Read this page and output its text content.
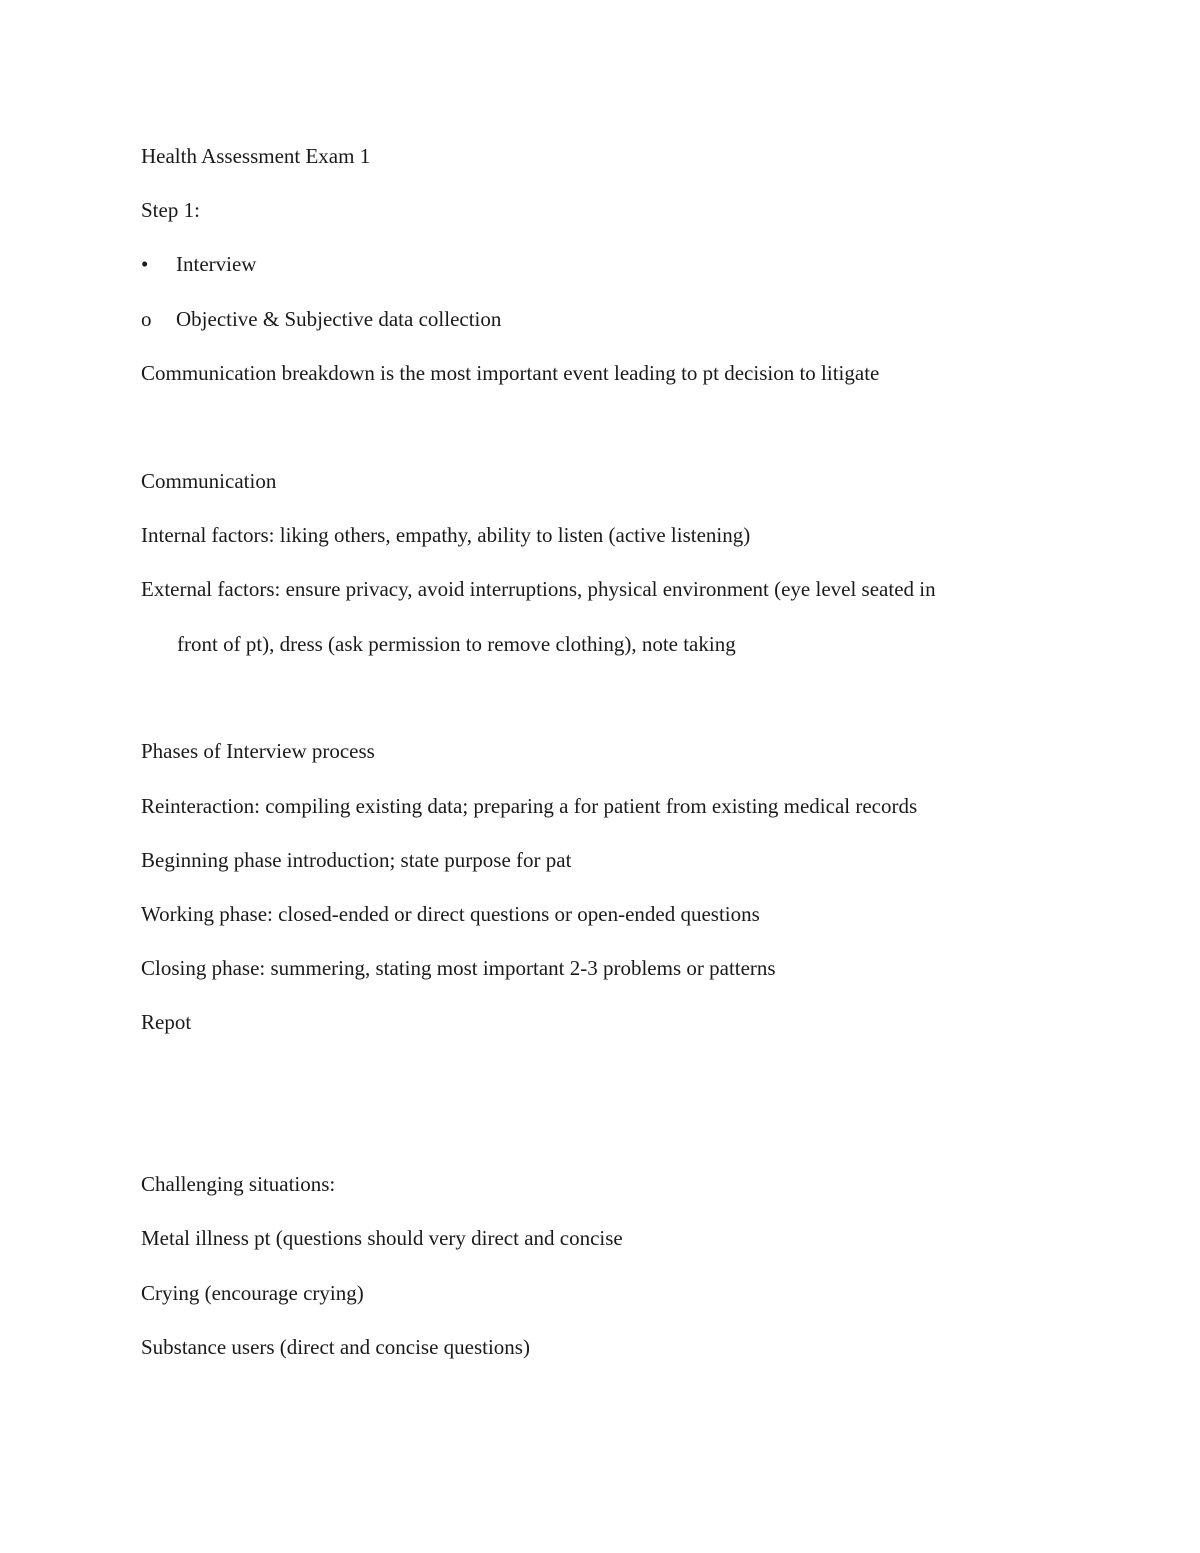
Health Assessment Exam 1
Step 1:
• Interview
o Objective & Subjective data collection
Communication breakdown is the most important event leading to pt decision to litigate
Communication
Internal factors: liking others, empathy, ability to listen (active listening)
External factors: ensure privacy, avoid interruptions, physical environment (eye level seated in
front of pt), dress (ask permission to remove clothing), note taking
Phases of Interview process
Reinteraction: compiling existing data; preparing a for patient from existing medical records
Beginning phase introduction; state purpose for pat
Working phase: closed-ended or direct questions or open-ended questions
Closing phase: summering, stating most important 2-3 problems or patterns
Repot
Challenging situations:
Metal illness pt (questions should very direct and concise
Crying (encourage crying)
Substance users (direct and concise questions)
